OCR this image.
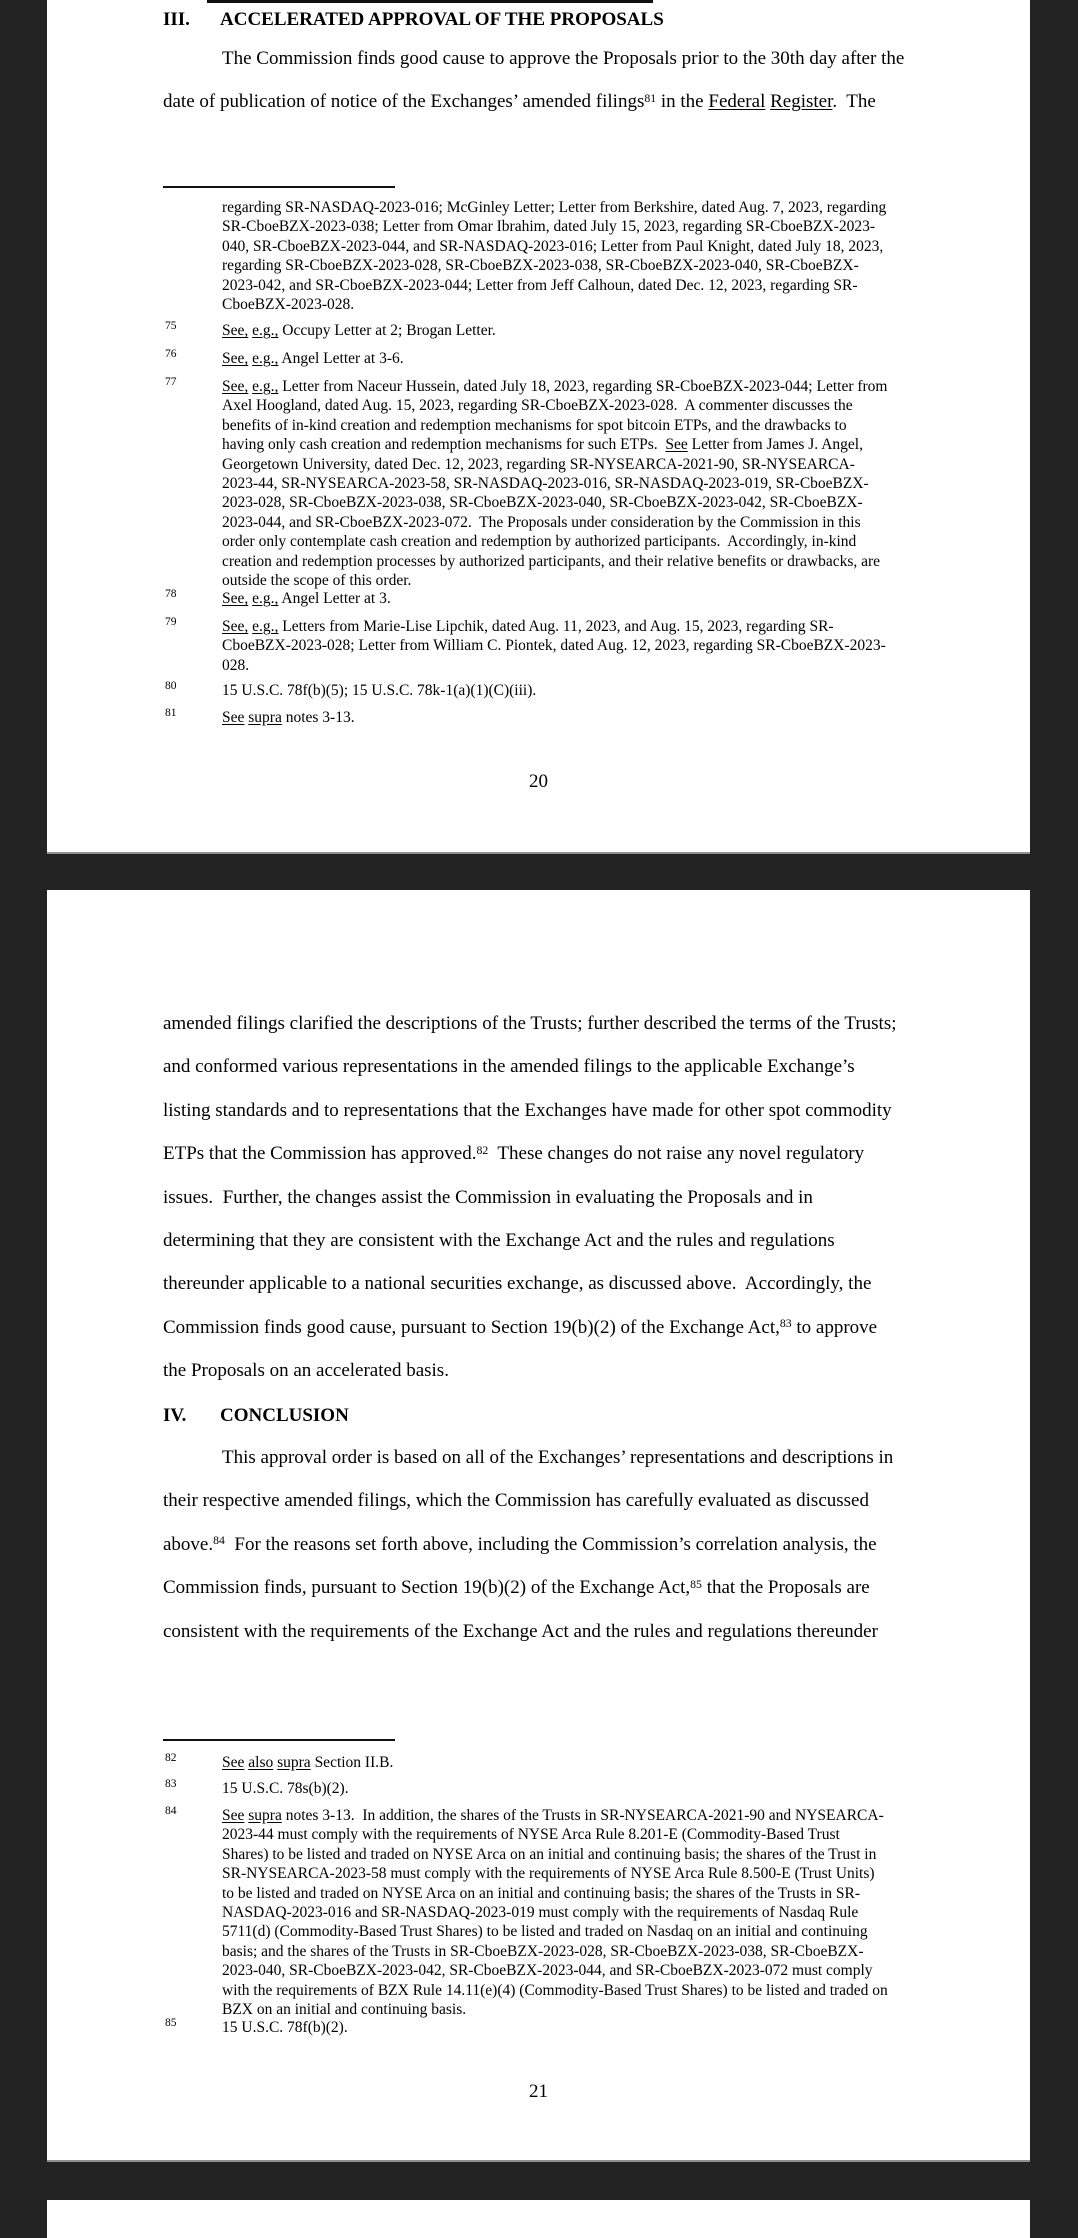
III. ACCELERATED APPROVAL OF THE PROPOSALS
The Commission finds good cause to approve the Proposals prior to the 30th day after the
date of publication of notice of the Exchanges’ amended filings$^{81}$ in the Federal Register.  The
regarding SR-NASDAQ-2023-016; McGinley Letter; Letter from Berkshire, dated Aug. 7, 2023, regarding
SR-CboeBZX-2023-038; Letter from Omar Ibrahim, dated July 15, 2023, regarding SR-CboeBZX-2023-
040, SR-CboeBZX-2023-044, and SR-NASDAQ-2023-016; Letter from Paul Knight, dated July 18, 2023,
regarding SR-CboeBZX-2023-028, SR-CboeBZX-2023-038, SR-CboeBZX-2023-040, SR-CboeBZX-
2023-042, and SR-CboeBZX-2023-044; Letter from Jeff Calhoun, dated Dec. 12, 2023, regarding SR-
CboeBZX-2023-028.
75	See, e.g., Occupy Letter at 2; Brogan Letter.
76	See, e.g., Angel Letter at 3-6.
77	See, e.g., Letter from Naceur Hussein, dated July 18, 2023, regarding SR-CboeBZX-2023-044; Letter from
Axel Hoogland, dated Aug. 15, 2023, regarding SR-CboeBZX-2023-028.  A commenter discusses the
benefits of in-kind creation and redemption mechanisms for spot bitcoin ETPs, and the drawbacks to
having only cash creation and redemption mechanisms for such ETPs.  See Letter from James J. Angel,
Georgetown University, dated Dec. 12, 2023, regarding SR-NYSEARCA-2021-90, SR-NYSEARCA-
2023-44, SR-NYSEARCA-2023-58, SR-NASDAQ-2023-016, SR-NASDAQ-2023-019, SR-CboeBZX-
2023-028, SR-CboeBZX-2023-038, SR-CboeBZX-2023-040, SR-CboeBZX-2023-042, SR-CboeBZX-
2023-044, and SR-CboeBZX-2023-072.  The Proposals under consideration by the Commission in this
order only contemplate cash creation and redemption by authorized participants.  Accordingly, in-kind
creation and redemption processes by authorized participants, and their relative benefits or drawbacks, are
outside the scope of this order.
78	See, e.g., Angel Letter at 3.
79	See, e.g., Letters from Marie-Lise Lipchik, dated Aug. 11, 2023, and Aug. 15, 2023, regarding SR-
CboeBZX-2023-028; Letter from William C. Piontek, dated Aug. 12, 2023, regarding SR-CboeBZX-2023-
028.
80	15 U.S.C. 78f(b)(5); 15 U.S.C. 78k-1(a)(1)(C)(iii).
81	See supra notes 3-13.
20
amended filings clarified the descriptions of the Trusts; further described the terms of the Trusts;
and conformed various representations in the amended filings to the applicable Exchange’s
listing standards and to representations that the Exchanges have made for other spot commodity
ETPs that the Commission has approved.$^{82}$  These changes do not raise any novel regulatory
issues.  Further, the changes assist the Commission in evaluating the Proposals and in
determining that they are consistent with the Exchange Act and the rules and regulations
thereunder applicable to a national securities exchange, as discussed above.  Accordingly, the
Commission finds good cause, pursuant to Section 19(b)(2) of the Exchange Act,$^{83}$ to approve
the Proposals on an accelerated basis.
IV. CONCLUSION
This approval order is based on all of the Exchanges’ representations and descriptions in
their respective amended filings, which the Commission has carefully evaluated as discussed
above.$^{84}$  For the reasons set forth above, including the Commission’s correlation analysis, the
Commission finds, pursuant to Section 19(b)(2) of the Exchange Act,$^{85}$ that the Proposals are
consistent with the requirements of the Exchange Act and the rules and regulations thereunder
82	See also supra Section II.B.
83	15 U.S.C. 78s(b)(2).
84	See supra notes 3-13.  In addition, the shares of the Trusts in SR-NYSEARCA-2021-90 and NYSEARCA-
2023-44 must comply with the requirements of NYSE Arca Rule 8.201-E (Commodity-Based Trust
Shares) to be listed and traded on NYSE Arca on an initial and continuing basis; the shares of the Trust in
SR-NYSEARCA-2023-58 must comply with the requirements of NYSE Arca Rule 8.500-E (Trust Units)
to be listed and traded on NYSE Arca on an initial and continuing basis; the shares of the Trusts in SR-
NASDAQ-2023-016 and SR-NASDAQ-2023-019 must comply with the requirements of Nasdaq Rule
5711(d) (Commodity-Based Trust Shares) to be listed and traded on Nasdaq on an initial and continuing
basis; and the shares of the Trusts in SR-CboeBZX-2023-028, SR-CboeBZX-2023-038, SR-CboeBZX-
2023-040, SR-CboeBZX-2023-042, SR-CboeBZX-2023-044, and SR-CboeBZX-2023-072 must comply
with the requirements of BZX Rule 14.11(e)(4) (Commodity-Based Trust Shares) to be listed and traded on
BZX on an initial and continuing basis.
85	15 U.S.C. 78f(b)(2).
21
